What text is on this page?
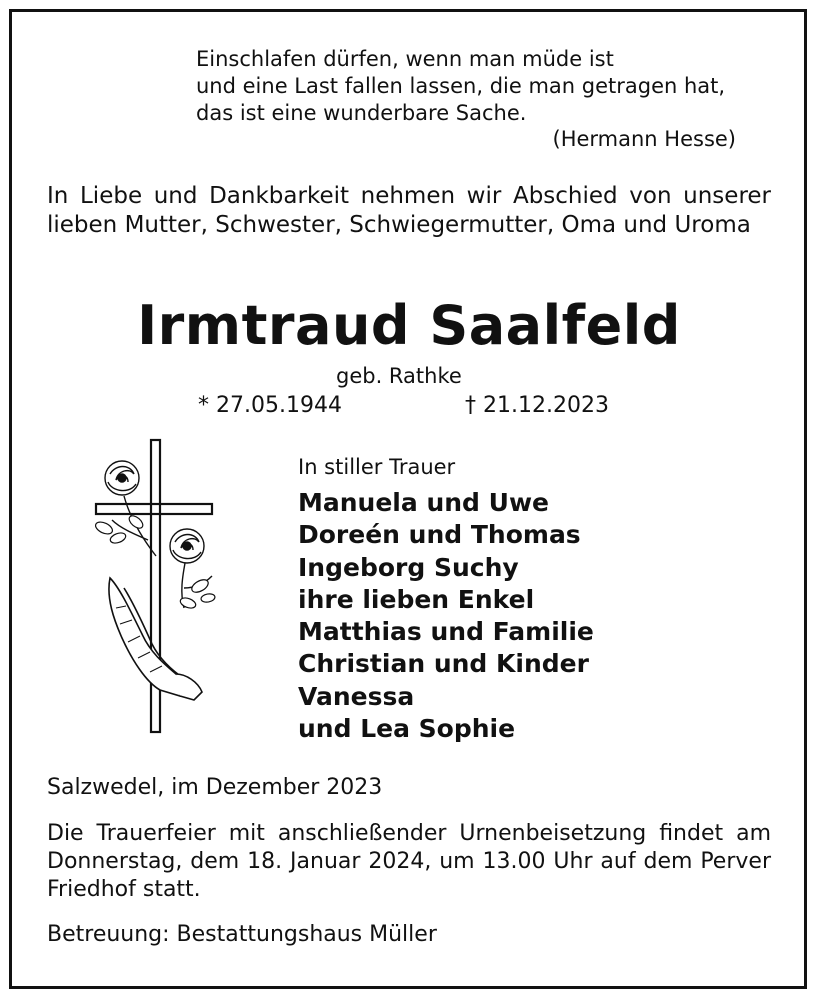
Einschlafen dürfen, wenn man müde ist
und eine Last fallen lassen, die man getragen hat,
das ist eine wunderbare Sache.
(Hermann Hesse)
In Liebe und Dankbarkeit nehmen wir Abschied von unserer lieben Mutter, Schwester, Schwiegermutter, Oma und Uroma
Irmtraud Saalfeld
geb. Rathke
* 27.05.1944	† 21.12.2023
In stiller Trauer
Manuela und Uwe
Doreén und Thomas
Ingeborg Suchy
ihre lieben Enkel
Matthias und Familie
Christian und Kinder
Vanessa
und Lea Sophie
Salzwedel, im Dezember 2023
Die Trauerfeier mit anschließender Urnenbeisetzung findet am Donnerstag, dem 18. Januar 2024, um 13.00 Uhr auf dem Perver Friedhof statt.
Betreuung: Bestattungshaus Müller
